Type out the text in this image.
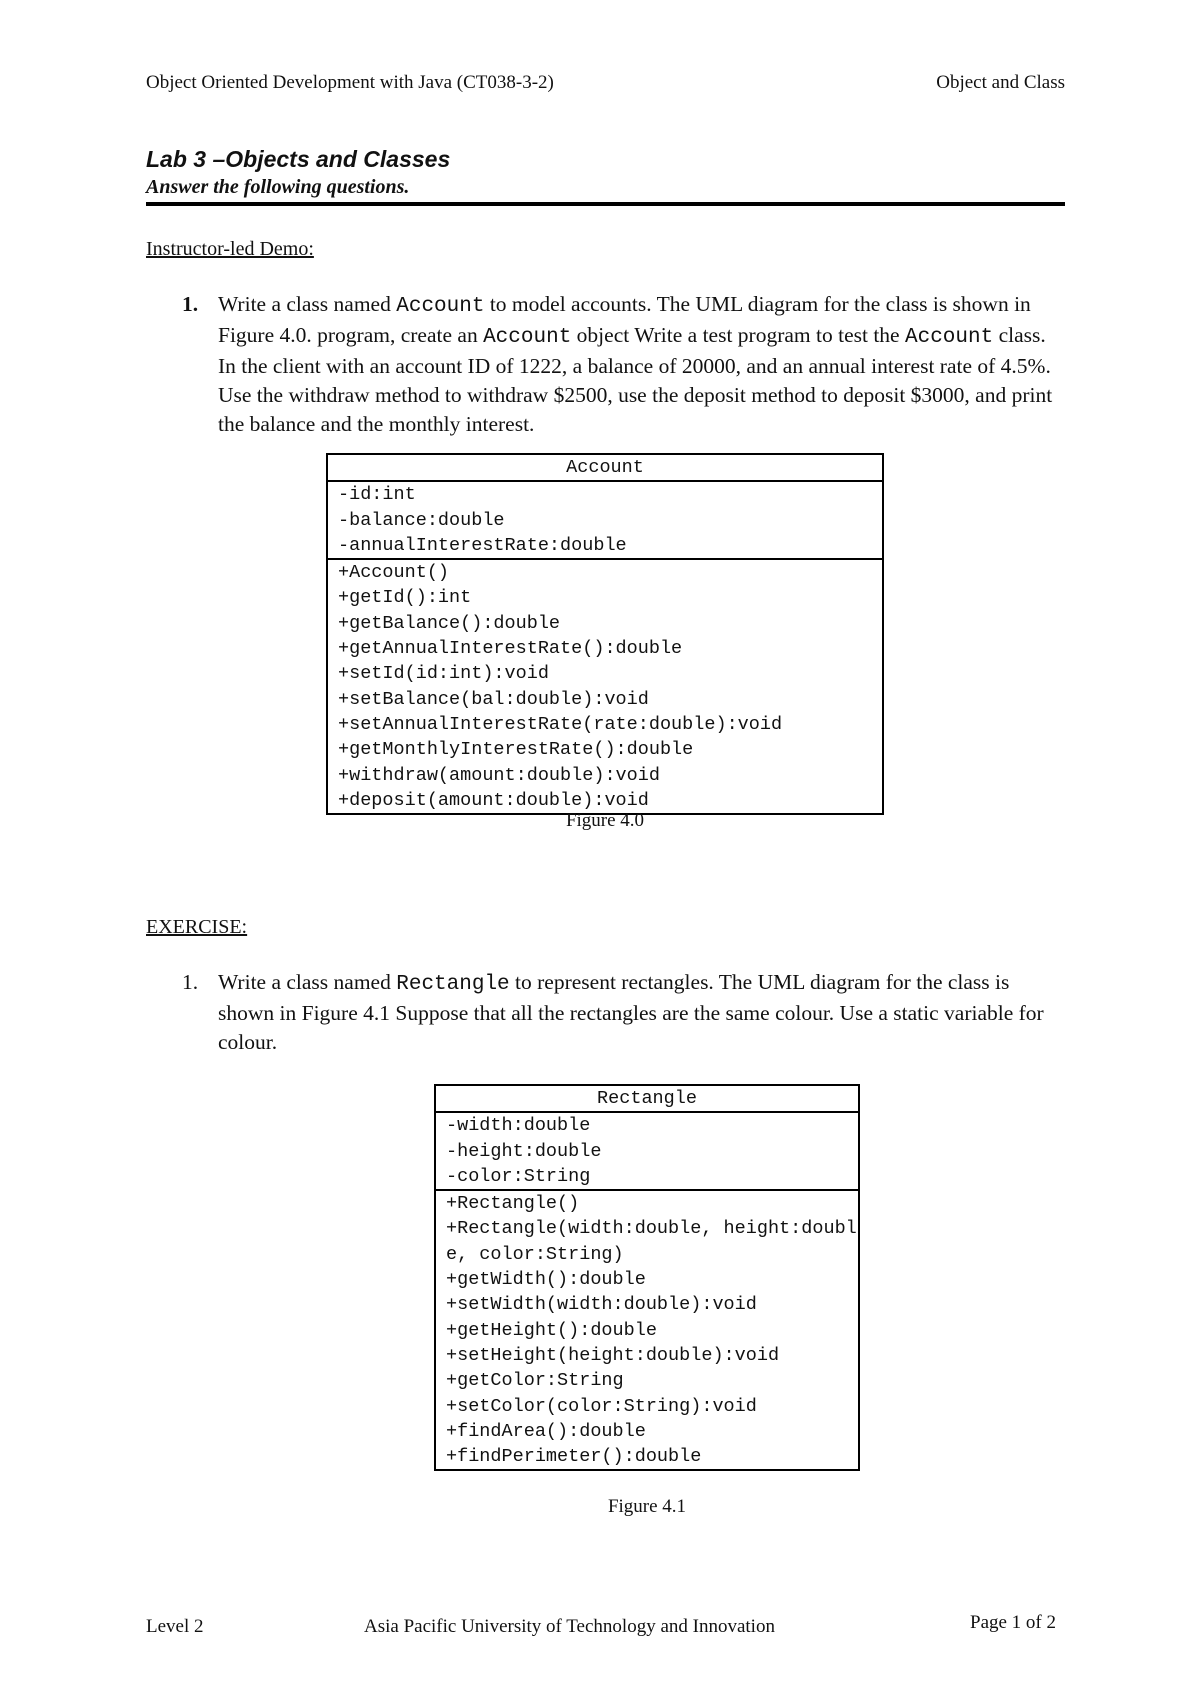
Object Oriented Development with Java (CT038-3-2)	Object and Class
Lab 3 –Objects and Classes
Answer the following questions.
Instructor-led Demo:
1. Write a class named Account to model accounts. The UML diagram for the class is shown in Figure 4.0. program, create an Account object Write a test program to test the Account class. In the client with an account ID of 1222, a balance of 20000, and an annual interest rate of 4.5%. Use the withdraw method to withdraw $2500, use the deposit method to deposit $3000, and print the balance and the monthly interest.
Account
-id:int
-balance:double
-annualInterestRate:double
+Account()
+getId():int
+getBalance():double
+getAnnualInterestRate():double
+setId(id:int):void
+setBalance(bal:double):void
+setAnnualInterestRate(rate:double):void
+getMonthlyInterestRate():double
+withdraw(amount:double):void
+deposit(amount:double):void
Figure 4.0
EXERCISE:
1. Write a class named Rectangle to represent rectangles. The UML diagram for the class is shown in Figure 4.1 Suppose that all the rectangles are the same colour. Use a static variable for colour.
Rectangle
-width:double
-height:double
-color:String
+Rectangle()
+Rectangle(width:double, height:double, color:String)
+getWidth():double
+setWidth(width:double):void
+getHeight():double
+setHeight(height:double):void
+getColor:String
+setColor(color:String):void
+findArea():double
+findPerimeter():double
Figure 4.1
Level 2	Asia Pacific University of Technology and Innovation	Page 1 of 2
